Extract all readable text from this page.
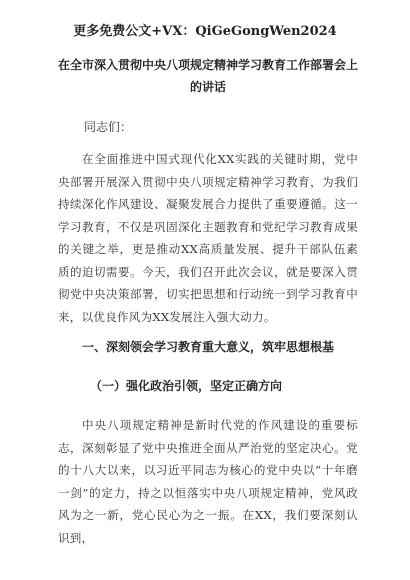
更多免费公文+VX：QiGeGongWen2024
在全市深入贯彻中央八项规定精神学习教育工作部署会上的讲话
同志们：
在全面推进中国式现代化XX实践的关键时期，党中央部署开展深入贯彻中央八项规定精神学习教育，为我们持续深化作风建设、凝聚发展合力提供了重要遵循。这一学习教育，不仅是巩固深化主题教育和党纪学习教育成果的关键之举，更是推动XX高质量发展、提升干部队伍素质的迫切需要。今天，我们召开此次会议，就是要深入贯彻党中央决策部署，切实把思想和行动统一到学习教育中来，以优良作风为XX发展注入强大动力。
一、深刻领会学习教育重大意义，筑牢思想根基
（一）强化政治引领，坚定正确方向
中央八项规定精神是新时代党的作风建设的重要标志，深刻彰显了党中央推进全面从严治党的坚定决心。党的十八大以来，以习近平同志为核心的党中央以“十年磨一剑”的定力，持之以恒落实中央八项规定精神，党风政风为之一新，党心民心为之一振。在XX，我们要深刻认识到，
